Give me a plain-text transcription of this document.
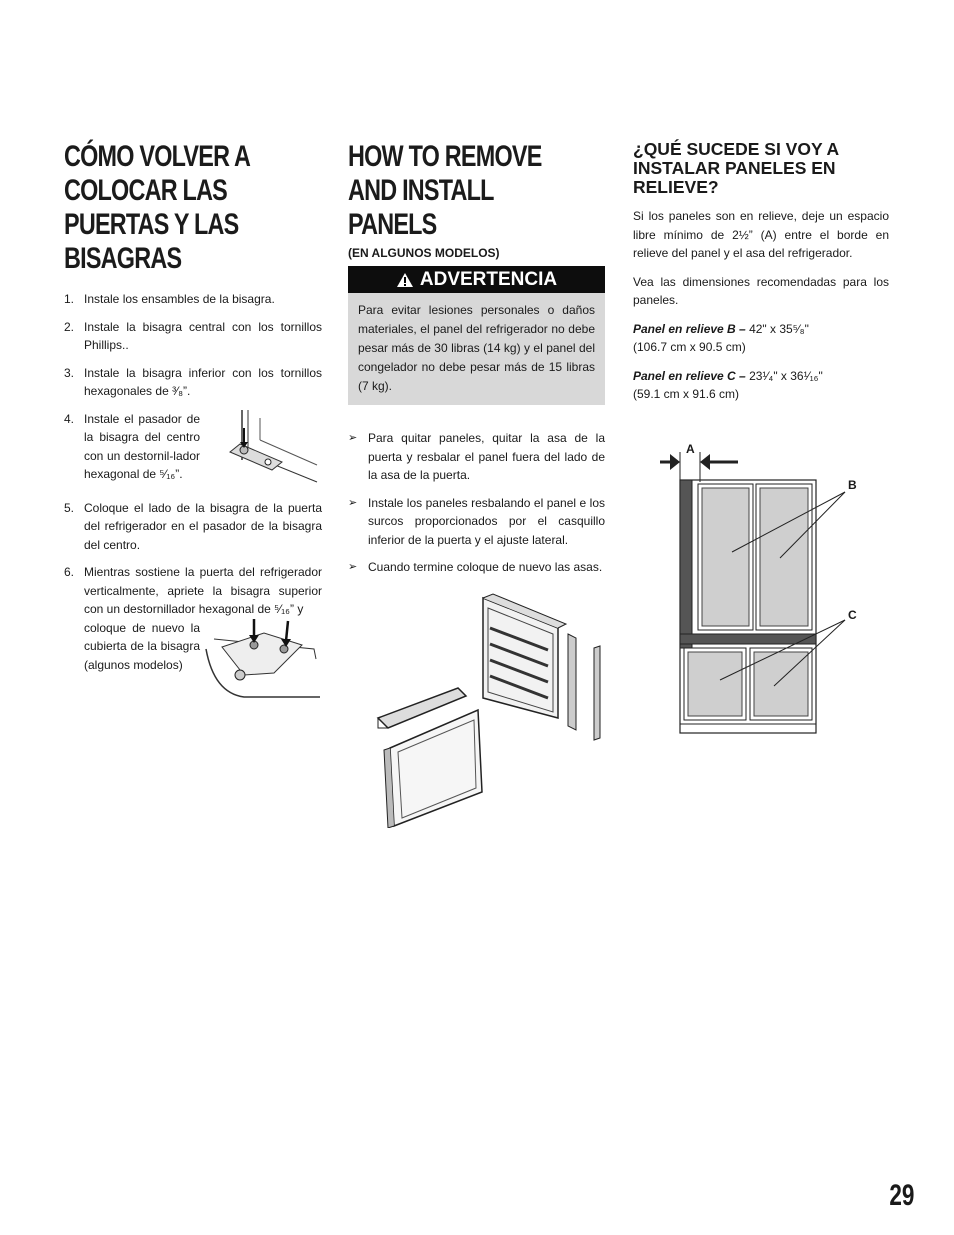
CÓMO VOLVER A COLOCAR LAS PUERTAS Y LAS BISAGRAS
1. Instale los ensambles de la bisagra.
2. Instale la bisagra central con los tornillos Phillips..
3. Instale la bisagra inferior con los tornillos hexagonales de ³⁄₈”.
4. Instale el pasador de la bisagra del centro con un destornil-lador hexagonal de ⁵⁄₁₆”.
5. Coloque el lado de la bisagra de la puerta del refrigerador en el pasador de la bisagra del centro.
6. Mientras sostiene la puerta del refrigerador verticalmente, apriete la bisagra superior con un destornillador hexagonal de ⁵⁄₁₆” y
coloque de nuevo la cubierta de la bisagra (algunos modelos)
HOW TO REMOVE AND INSTALL PANELS
(EN ALGUNOS MODELOS)
ADVERTENCIA
Para evitar lesiones personales o daños materiales, el panel del refrigerador no debe pesar más de 30 libras (14 kg) y el panel del congelador no debe pesar más de 15 libras (7 kg).
➢ Para quitar paneles, quitar la asa de la puerta y resbalar el panel fuera del lado de la asa de la puerta.
➢ Instale los paneles resbalando el panel e los surcos proporcionados por el casquillo inferior de la puerta y el ajuste lateral.
➢ Cuando termine coloque de nuevo las asas.
¿QUÉ SUCEDE SI VOY A INSTALAR PANELES EN RELIEVE?

Si los paneles son en relieve, deje un espacio libre mínimo de 2½” (A) entre el borde en relieve del panel y el asa del refrigerador.

Vea las dimensiones recomendadas para los paneles.

Panel en relieve B – 42" x 35⁵⁄₈"
(106.7 cm x 90.5 cm)

Panel en relieve C – 23¹⁄₄" x 36¹⁄₁₆"
(59.1 cm x 91.6 cm)

A
B
C
29
